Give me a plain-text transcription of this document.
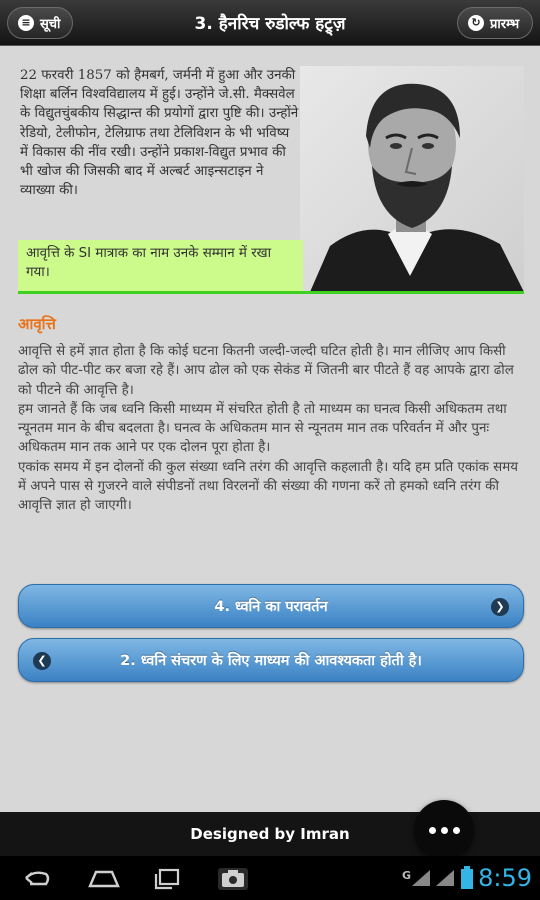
≡ सूची	3. हैनरिच रुडोल्फ हट्र्ज़	↻ प्रारम्भ
22 फरवरी 1857 को हैमबर्ग, जर्मनी में हुआ और उनकी शिक्षा बर्लिन विश्वविद्यालय में हुई। उन्होंने जे.सी. मैक्सवेल के विद्युतचुंबकीय सिद्धान्त की प्रयोगों द्वारा पुष्टि की। उन्होंने रेडियो, टेलीफोन, टेलिग्राफ तथा टेलिविशन के भी भविष्य में विकास की नींव रखी। उन्होंने प्रकाश-विद्युत प्रभाव की भी खोज की जिसकी बाद में अल्बर्ट आइन्सटाइन ने व्याख्या की।
आवृत्ति के SI मात्राक का नाम उनके सम्मान में रखा गया।
आवृत्ति
आवृत्ति से हमें ज्ञात होता है कि कोई घटना कितनी जल्दी-जल्दी घटित होती है। मान लीजिए आप किसी ढोल को पीट-पीट कर बजा रहे हैं। आप ढोल को एक सेकंड में जितनी बार पीटते हैं वह आपके द्वारा ढोल को पीटने की आवृत्ति है।
हम जानते हैं कि जब ध्वनि किसी माध्यम में संचरित होती है तो माध्यम का घनत्व किसी अधिकतम तथा न्यूनतम मान के बीच बदलता है। घनत्व के अधिकतम मान से न्यूनतम मान तक परिवर्तन में और पुनः अधिकतम मान तक आने पर एक दोलन पूरा होता है।
एकांक समय में इन दोलनों की कुल संख्या ध्वनि तरंग की आवृत्ति कहलाती है। यदि हम प्रति एकांक समय में अपने पास से गुजरने वाले संपीडनों तथा विरलनों की संख्या की गणना करें तो हमको ध्वनि तरंग की आवृत्ति ज्ञात हो जाएगी।
4. ध्वनि का परावर्तन	❯
❮	2. ध्वनि संचरण के लिए माध्यम की आवश्यकता होती है।
Designed by Imran
G	8:59
